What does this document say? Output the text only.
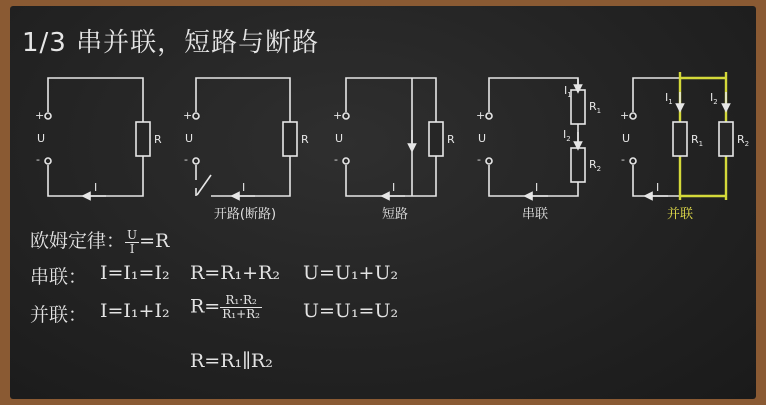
1/3 串并联，短路与断路
+
U
-
R
I
+
U
-
R
I
+
U
-
R
I
+
U
-
$I_1$
$R_1$
$I_2$
$R_2$
I
+
U
-
$I_1$	$I_2$
$R_1$	$R_2$
I
开路(断路)	短路	串联	并联
欧姆定律： $\frac{U}{I} =R$
串联： I=I₁=I₂ R=R₁+R₂ U=U₁+U₂
并联： I=I₁+I₂ $R= \frac{\text{R₁·R₂}}{\text{R₁+R₂}} U=U_1=U_2$
R=R₁∥R₂
